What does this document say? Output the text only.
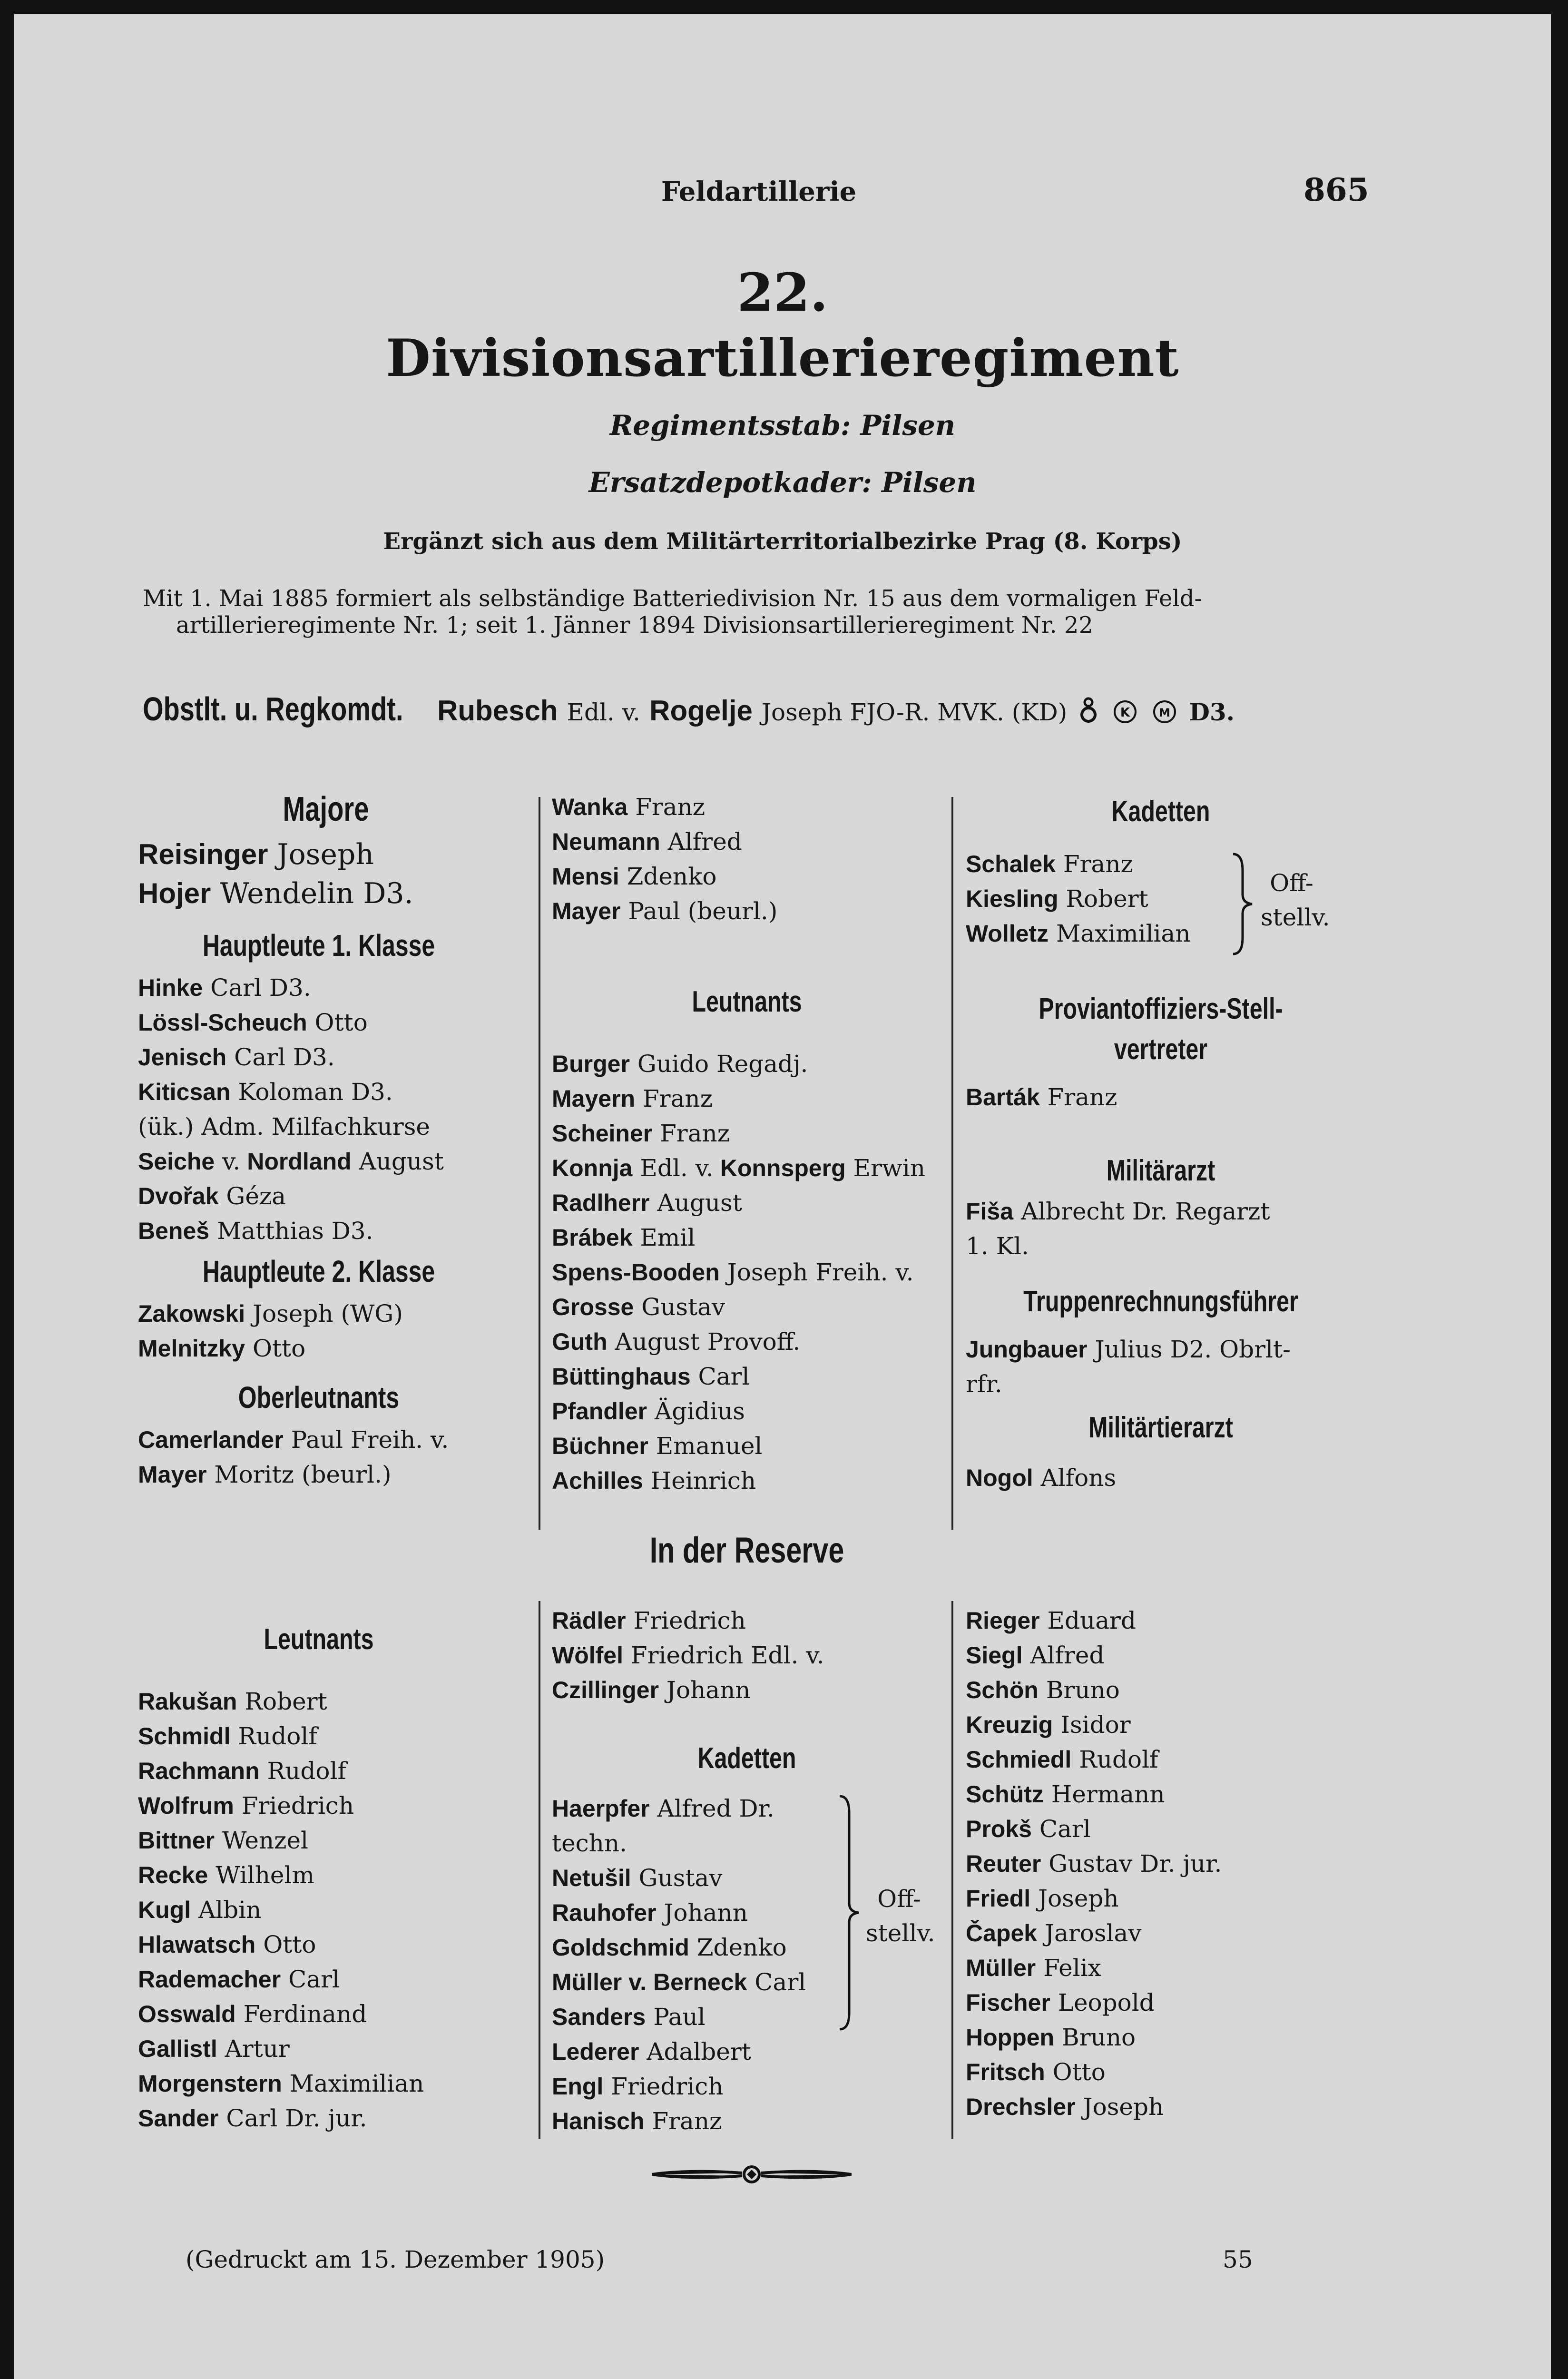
Feldartillerie	865
22.
Divisionsartillerieregiment
Regimentsstab: Pilsen
Ersatzdepotkader: Pilsen
Ergänzt sich aus dem Militärterritorialbezirke Prag (8. Korps)
Mit 1. Mai 1885 formiert als selbständige Batteriedivision Nr. 15 aus dem vormaligen Feld-
artillerieregimente Nr. 1; seit 1. Jänner 1894 Divisionsartillerieregiment Nr. 22
Obstlt. u. Regkomdt. Rubesch Edl. v. Rogelje Joseph FJO-R. MVK. (KD)
	K
	M D3.
Majore
Reisinger Joseph
Hojer Wendelin D3.
Hauptleute 1. Klasse
Hinke Carl D3.
Lössl-Scheuch Otto
Jenisch Carl D3.
Kiticsan Koloman D3.
(ük.) Adm. Milfachkurse
Seiche v. Nordland August
Dvořak Géza
Beneš Matthias D3.
Hauptleute 2. Klasse
Zakowski Joseph (WG)
Melnitzky Otto
Oberleutnants
Camerlander Paul Freih. v.
Mayer Moritz (beurl.)
Wanka Franz
Neumann Alfred
Mensi Zdenko
Mayer Paul (beurl.)
Leutnants
Burger Guido Regadj.
Mayern Franz
Scheiner Franz
Konnja Edl. v. Konnsperg Erwin
Radlherr August
Brábek Emil
Spens-Booden Joseph Freih. v.
Grosse Gustav
Guth August Provoff.
Büttinghaus Carl
Pfandler Ägidius
Büchner Emanuel
Achilles Heinrich
Kadetten
Schalek Franz
Kiesling Robert
Wolletz Maximilian
Off-
stellv.
Proviantoffiziers-Stell-
vertreter
Barták Franz
Militärarzt
Fiša Albrecht Dr. Regarzt
1. Kl.
Truppenrechnungsführer
Jungbauer Julius D2. Obrlt-
rfr.
Militärtierarzt
Nogol Alfons
In der Reserve
Leutnants
Rakušan Robert
Schmidl Rudolf
Rachmann Rudolf
Wolfrum Friedrich
Bittner Wenzel
Recke Wilhelm
Kugl Albin
Hlawatsch Otto
Rademacher Carl
Osswald Ferdinand
Gallistl Artur
Morgenstern Maximilian
Sander Carl Dr. jur.
Rädler Friedrich
Wölfel Friedrich Edl. v.
Czillinger Johann
Kadetten
Haerpfer Alfred Dr.
techn.
Netušil Gustav
Rauhofer Johann
Goldschmid Zdenko
Müller v. Berneck Carl
Sanders Paul
Off-
stellv.
Lederer Adalbert
Engl Friedrich
Hanisch Franz
Rieger Eduard
Siegl Alfred
Schön Bruno
Kreuzig Isidor
Schmiedl Rudolf
Schütz Hermann
Prokš Carl
Reuter Gustav Dr. jur.
Friedl Joseph
Čapek Jaroslav
Müller Felix
Fischer Leopold
Hoppen Bruno
Fritsch Otto
Drechsler Joseph
(Gedruckt am 15. Dezember 1905)	55
